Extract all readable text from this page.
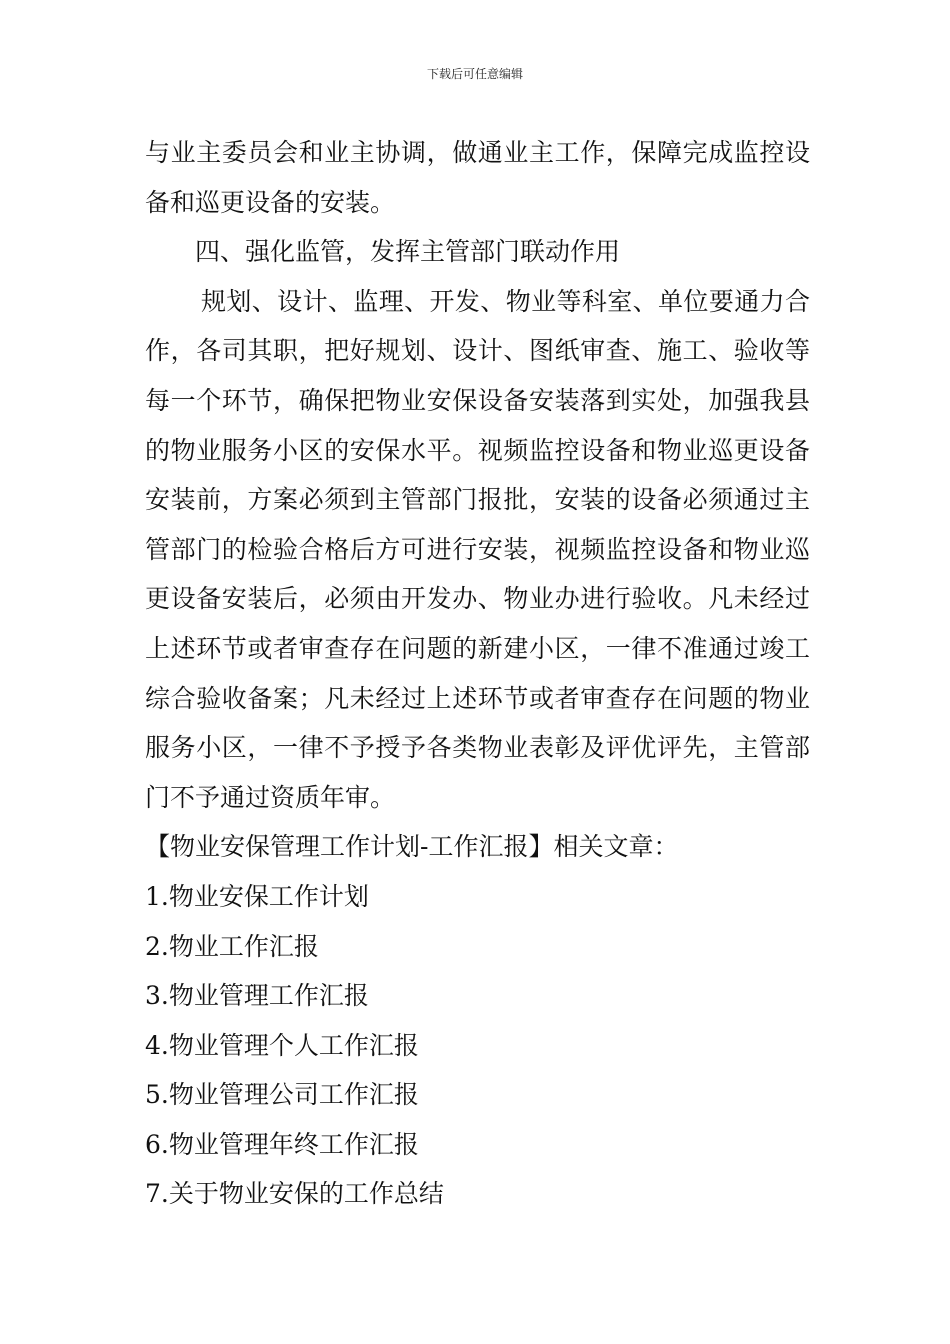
下载后可任意编辑

与业主委员会和业主协调，做通业主工作，保障完成监控设备和巡更设备的安装。

四、强化监管，发挥主管部门联动作用

规划、设计、监理、开发、物业等科室、单位要通力合作，各司其职，把好规划、设计、图纸审查、施工、验收等每一个环节，确保把物业安保设备安装落到实处，加强我县的物业服务小区的安保水平。视频监控设备和物业巡更设备安装前，方案必须到主管部门报批，安装的设备必须通过主管部门的检验合格后方可进行安装，视频监控设备和物业巡更设备安装后，必须由开发办、物业办进行验收。凡未经过上述环节或者审查存在问题的新建小区，一律不准通过竣工综合验收备案；凡未经过上述环节或者审查存在问题的物业服务小区，一律不予授予各类物业表彰及评优评先，主管部门不予通过资质年审。

【物业安保管理工作计划-工作汇报】相关文章：

1.物业安保工作计划
2.物业工作汇报
3.物业管理工作汇报
4.物业管理个人工作汇报
5.物业管理公司工作汇报
6.物业管理年终工作汇报
7.关于物业安保的工作总结
